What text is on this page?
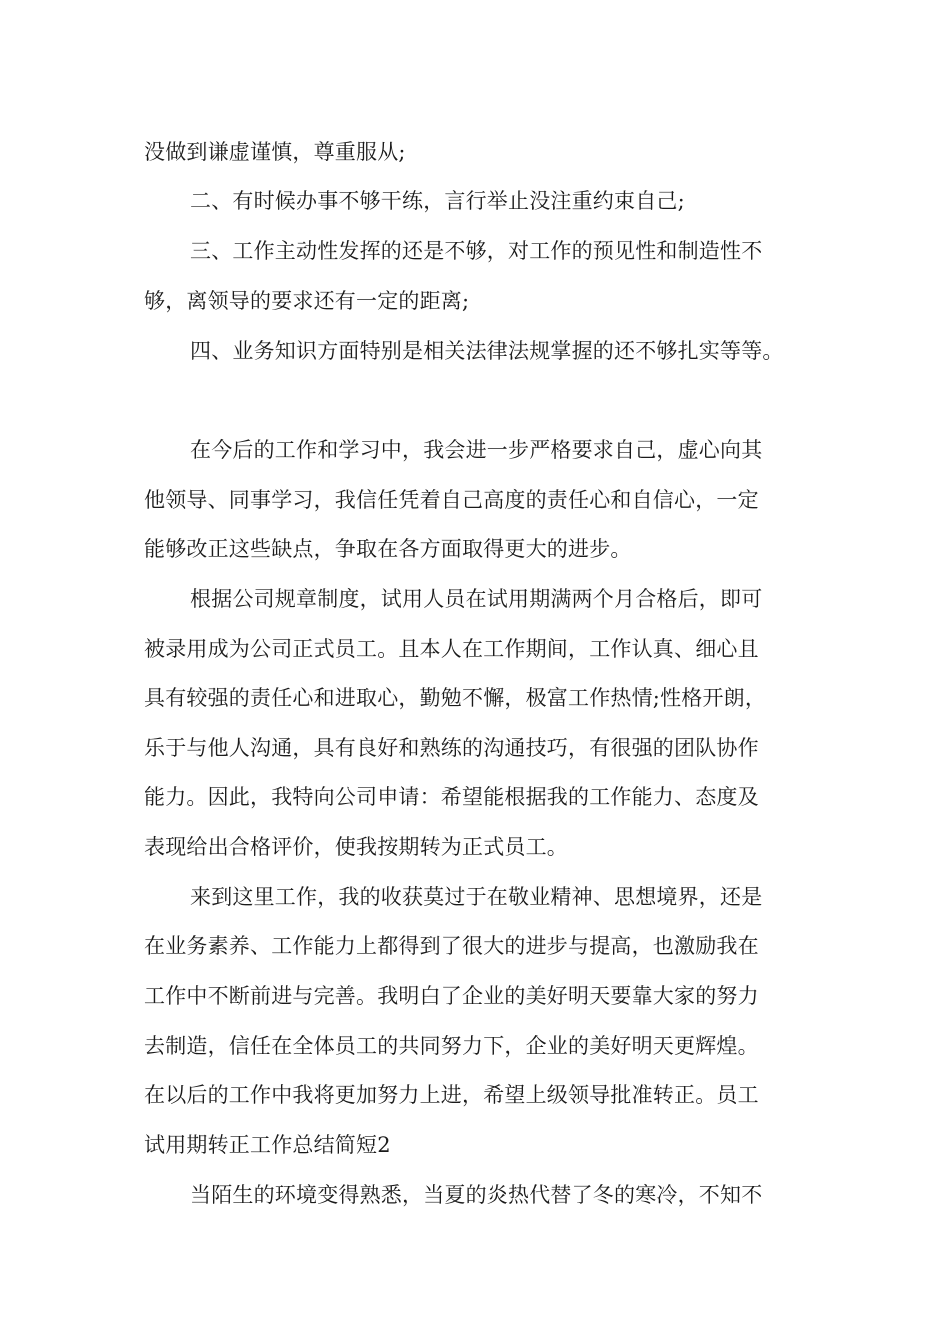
没做到谦虚谨慎，尊重服从;
二、有时候办事不够干练，言行举止没注重约束自己;
三、工作主动性发挥的还是不够，对工作的预见性和制造性不
够，离领导的要求还有一定的距离;
四、业务知识方面特别是相关法律法规掌握的还不够扎实等等。
在今后的工作和学习中，我会进一步严格要求自己，虚心向其
他领导、同事学习，我信任凭着自己高度的责任心和自信心，一定
能够改正这些缺点，争取在各方面取得更大的进步。
根据公司规章制度，试用人员在试用期满两个月合格后，即可
被录用成为公司正式员工。且本人在工作期间，工作认真、细心且
具有较强的责任心和进取心，勤勉不懈，极富工作热情;性格开朗，
乐于与他人沟通，具有良好和熟练的沟通技巧，有很强的团队协作
能力。因此，我特向公司申请：希望能根据我的工作能力、态度及
表现给出合格评价，使我按期转为正式员工。
来到这里工作，我的收获莫过于在敬业精神、思想境界，还是
在业务素养、工作能力上都得到了很大的进步与提高，也激励我在
工作中不断前进与完善。我明白了企业的美好明天要靠大家的努力
去制造，信任在全体员工的共同努力下，企业的美好明天更辉煌。
在以后的工作中我将更加努力上进，希望上级领导批准转正。员工
试用期转正工作总结简短2
当陌生的环境变得熟悉，当夏的炎热代替了冬的寒冷，不知不
